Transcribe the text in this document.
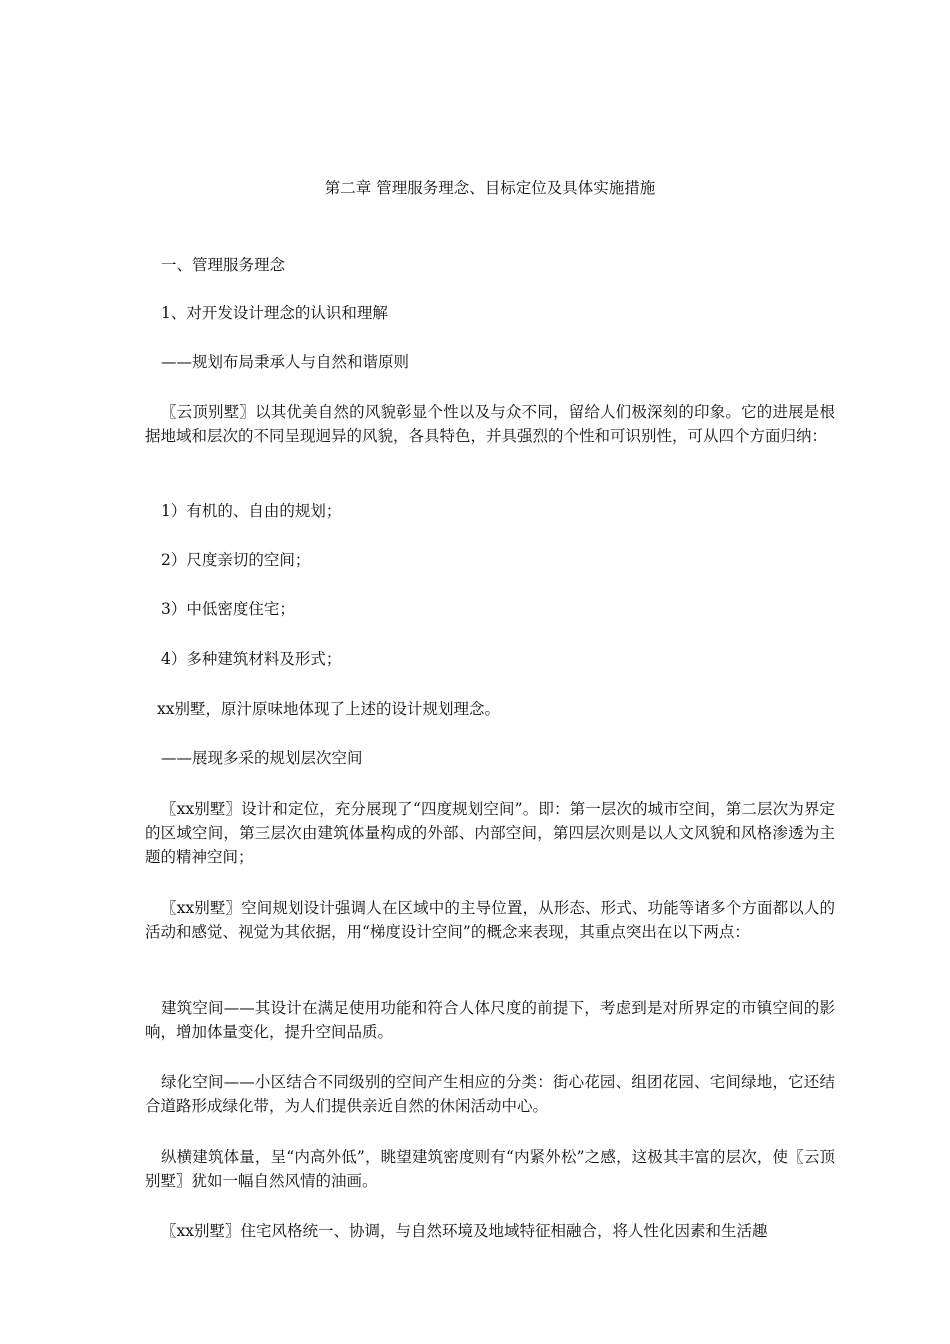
第二章 管理服务理念、目标定位及具体实施措施
一、管理服务理念
1、对开发设计理念的认识和理解
——规划布局秉承人与自然和谐原则
〖云顶别墅〗以其优美自然的风貌彰显个性以及与众不同，留给人们极深刻的印象。它的进展是根据地域和层次的不同呈现迥异的风貌，各具特色，并具强烈的个性和可识别性，可从四个方面归纳：
1）有机的、自由的规划；
2）尺度亲切的空间；
3）中低密度住宅；
4）多种建筑材料及形式；
xx别墅，原汁原味地体现了上述的设计规划理念。
——展现多采的规划层次空间
〖xx别墅〗设计和定位，充分展现了“四度规划空间”。即：第一层次的城市空间，第二层次为界定的区域空间，第三层次由建筑体量构成的外部、内部空间，第四层次则是以人文风貌和风格渗透为主题的精神空间；
〖xx别墅〗空间规划设计强调人在区域中的主导位置，从形态、形式、功能等诸多个方面都以人的活动和感觉、视觉为其依据，用“梯度设计空间”的概念来表现，其重点突出在以下两点：
建筑空间——其设计在满足使用功能和符合人体尺度的前提下，考虑到是对所界定的市镇空间的影响，增加体量变化，提升空间品质。
绿化空间——小区结合不同级别的空间产生相应的分类：街心花园、组团花园、宅间绿地，它还结合道路形成绿化带，为人们提供亲近自然的休闲活动中心。
纵横建筑体量，呈“内高外低”，眺望建筑密度则有“内紧外松”之感，这极其丰富的层次，使〖云顶别墅〗犹如一幅自然风情的油画。
〖xx别墅〗住宅风格统一、协调，与自然环境及地域特征相融合，将人性化因素和生活趣
